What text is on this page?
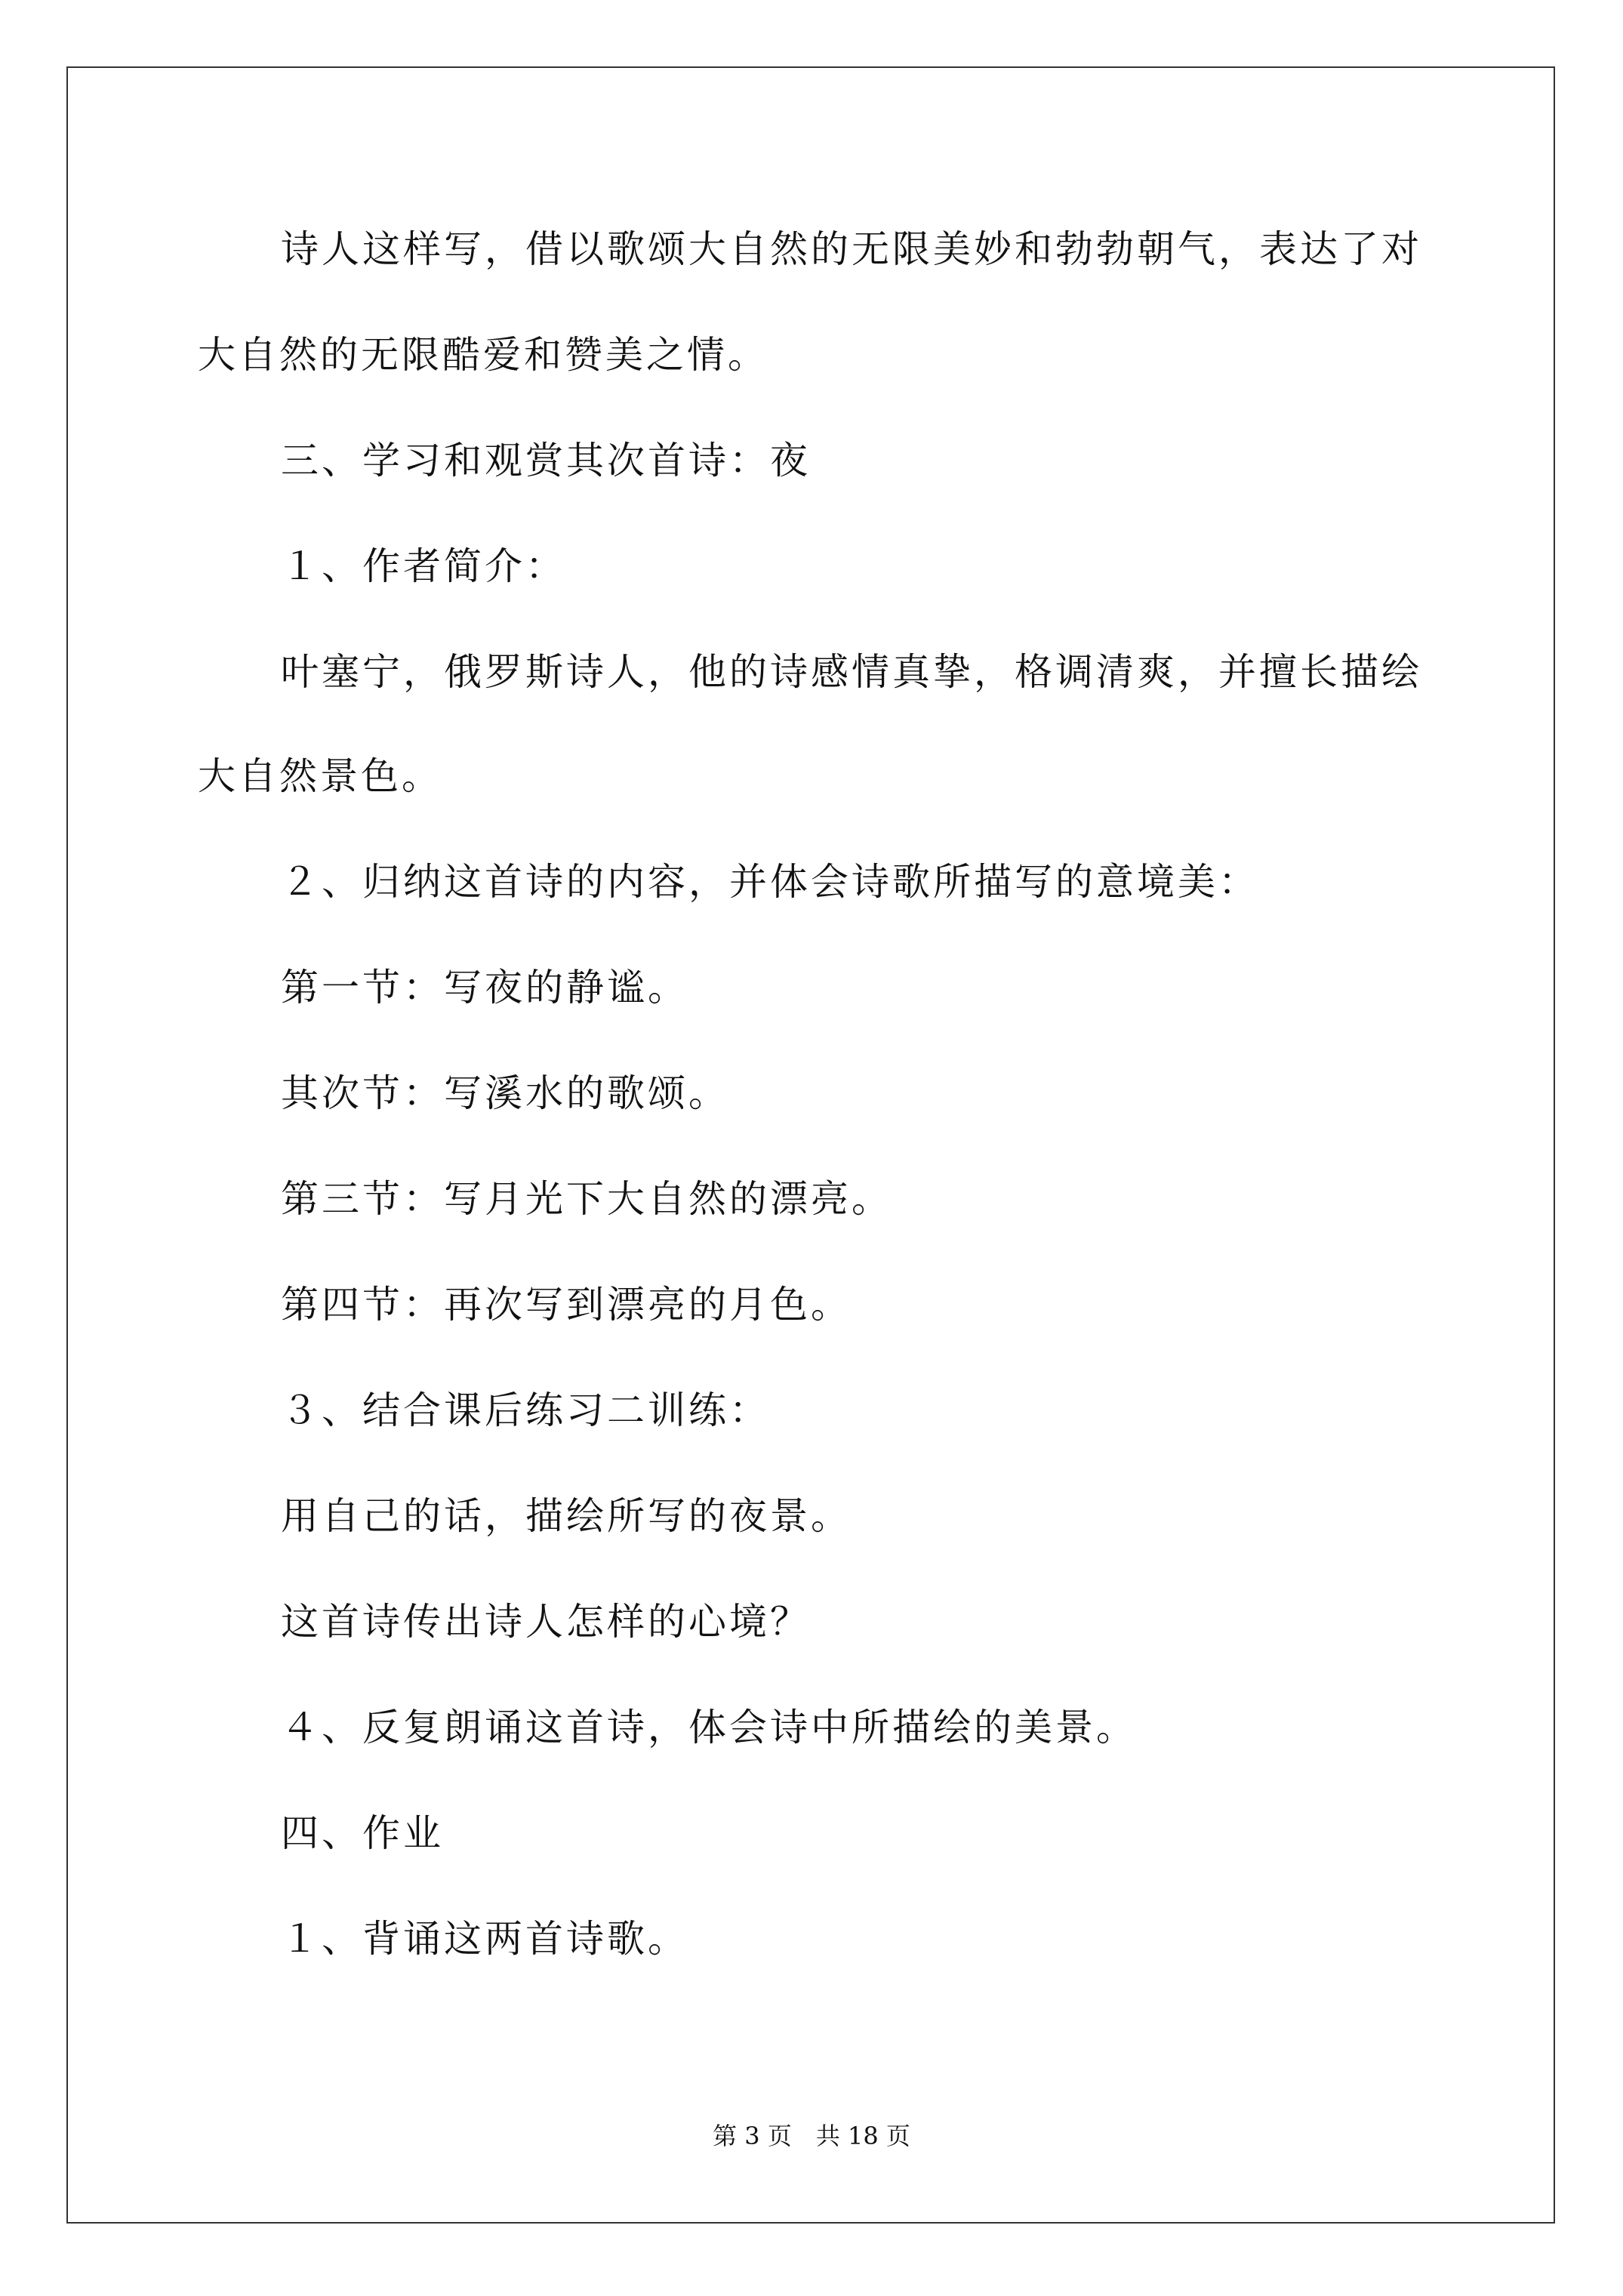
诗人这样写，借以歌颂大自然的无限美妙和勃勃朝气，表达了对

大自然的无限酷爱和赞美之情。

三、学习和观赏其次首诗：夜

１、作者简介：

叶塞宁，俄罗斯诗人，他的诗感情真挚，格调清爽，并擅长描绘

大自然景色。

２、归纳这首诗的内容，并体会诗歌所描写的意境美：

第一节：写夜的静谧。

其次节：写溪水的歌颂。

第三节：写月光下大自然的漂亮。

第四节：再次写到漂亮的月色。

３、结合课后练习二训练：

用自己的话，描绘所写的夜景。

这首诗传出诗人怎样的心境？

４、反复朗诵这首诗，体会诗中所描绘的美景。

四、作业

１、背诵这两首诗歌。

第 3 页　共 18 页
